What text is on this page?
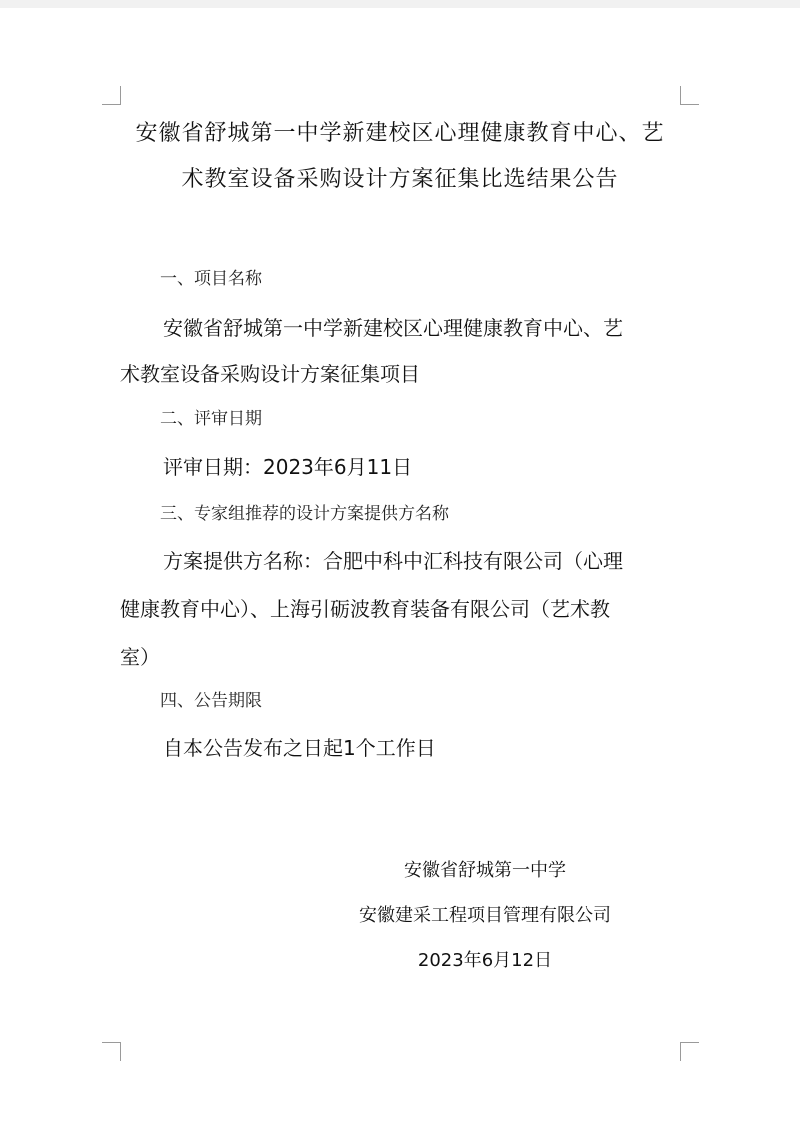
安徽省舒城第一中学新建校区心理健康教育中心、艺
术教室设备采购设计方案征集比选结果公告
一、项目名称
安徽省舒城第一中学新建校区心理健康教育中心、艺
术教室设备采购设计方案征集项目
二、评审日期
评审日期：2023年6月11日
三、专家组推荐的设计方案提供方名称
方案提供方名称：合肥中科中汇科技有限公司（心理
健康教育中心）、上海引砺波教育装备有限公司（艺术教
室）
四、公告期限
自本公告发布之日起1个工作日
安徽省舒城第一中学
安徽建采工程项目管理有限公司
2023年6月12日
